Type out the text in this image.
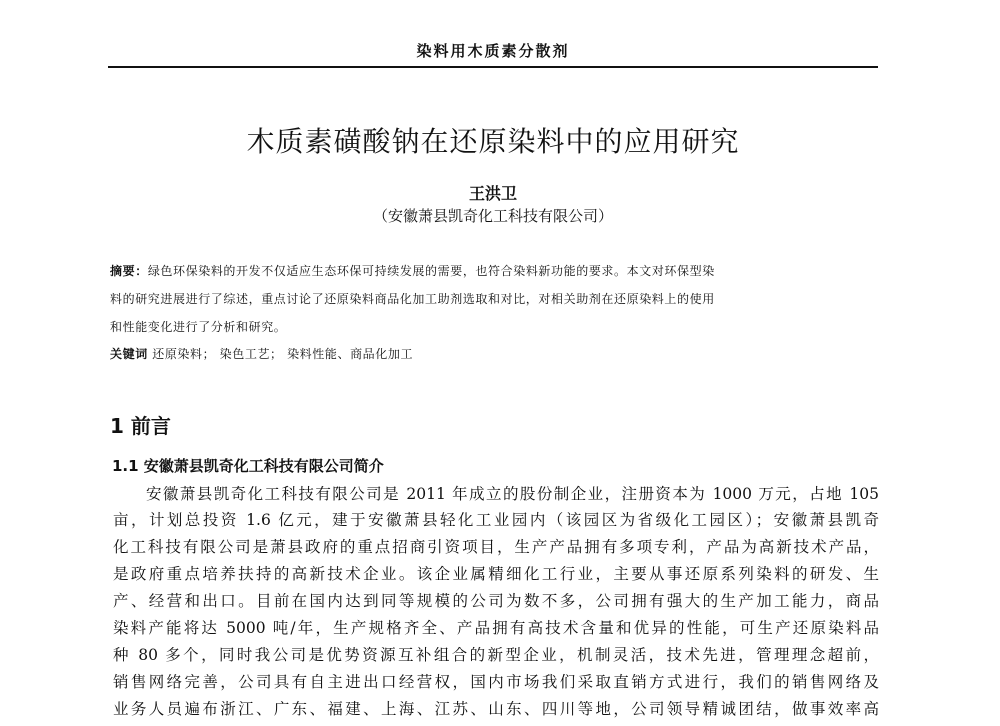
染料用木质素分散剂
木质素磺酸钠在还原染料中的应用研究
王洪卫
（安徽萧县凯奇化工科技有限公司）
摘要：绿色环保染料的开发不仅适应生态环保可持续发展的需要，也符合染料新功能的要求。本文对环保型染
料的研究进展进行了综述，重点讨论了还原染料商品化加工助剂选取和对比，对相关助剂在还原染料上的使用
和性能变化进行了分析和研究。
关键词 还原染料； 染色工艺； 染料性能、商品化加工
1 前言
1.1 安徽萧县凯奇化工科技有限公司简介
安徽萧县凯奇化工科技有限公司是 2011 年成立的股份制企业，注册资本为 1000 万元，占地 105
亩，计划总投资 1.6 亿元，建于安徽萧县轻化工业园内（该园区为省级化工园区）；安徽萧县凯奇
化工科技有限公司是萧县政府的重点招商引资项目，生产产品拥有多项专利，产品为高新技术产品，
是政府重点培养扶持的高新技术企业。该企业属精细化工行业，主要从事还原系列染料的研发、生
产、经营和出口。目前在国内达到同等规模的公司为数不多，公司拥有强大的生产加工能力，商品
染料产能将达 5000 吨/年，生产规格齐全、产品拥有高技术含量和优异的性能，可生产还原染料品
种 80 多个，同时我公司是优势资源互补组合的新型企业，机制灵活，技术先进，管理理念超前，
销售网络完善，公司具有自主进出口经营权，国内市场我们采取直销方式进行，我们的销售网络及
业务人员遍布浙江、广东、福建、上海、江苏、山东、四川等地，公司领导精诚团结，做事效率高
